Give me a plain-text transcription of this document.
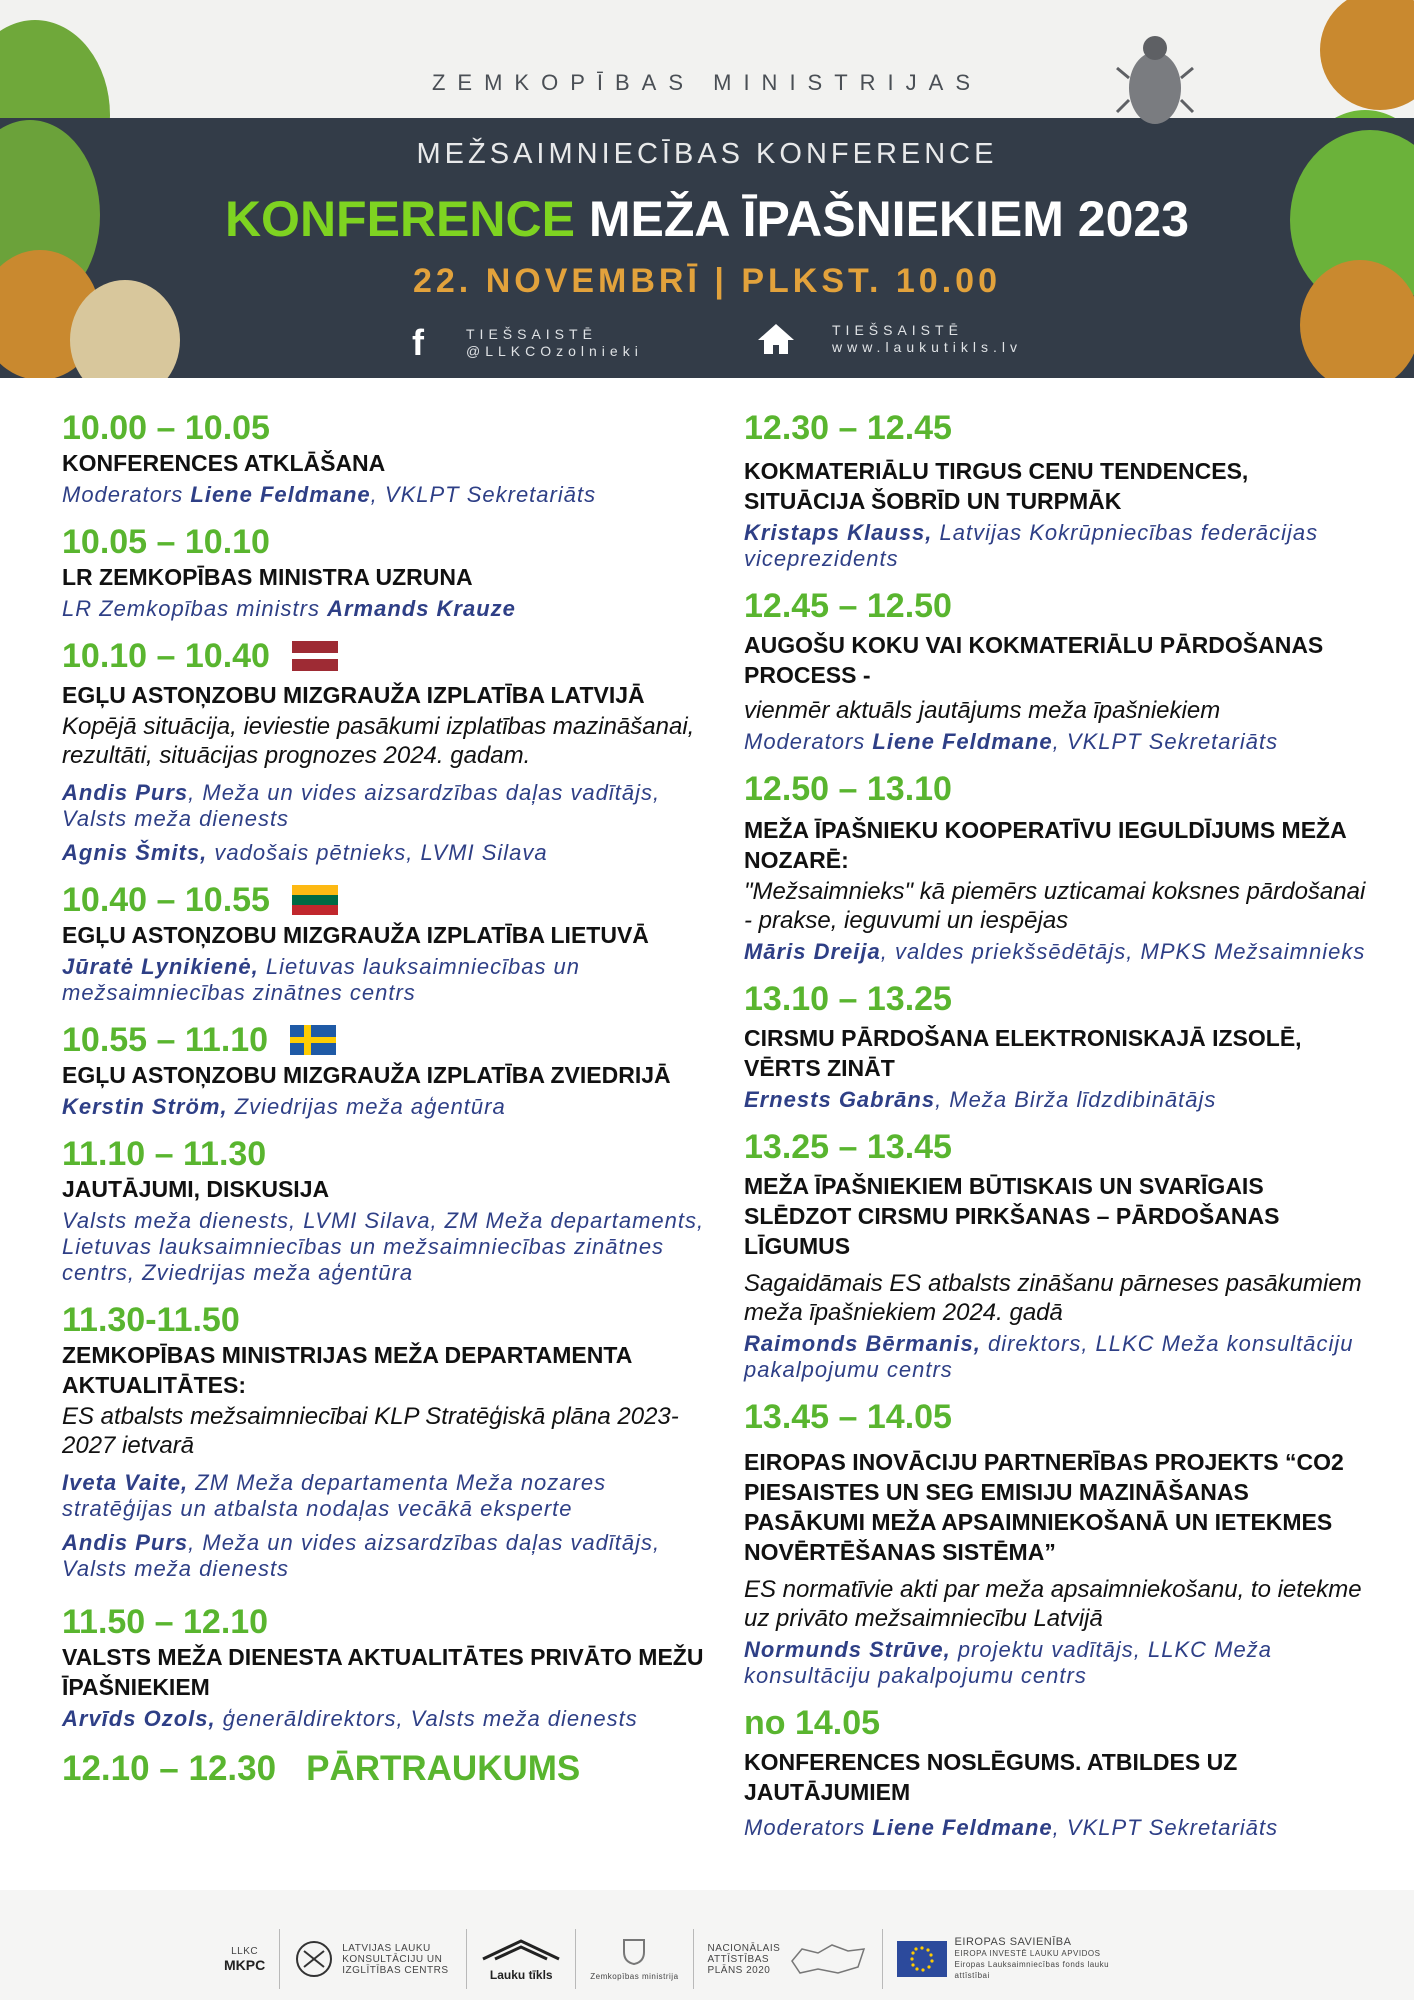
ZEMKOPĪBAS MINISTRIJAS
MEŽSAIMNIECĪBAS KONFERENCE
KONFERENCE MEŽA ĪPAŠNIEKIEM 2023
22. NOVEMBRĪ | PLKST. 10.00
f	TIEŠSAISTĒ
@LLKCOzolnieki
TIEŠSAISTĒ
www.laukutikls.lv
10.00 – 10.05
KONFERENCES ATKLĀŠANA
Moderators Liene Feldmane, VKLPT Sekretariāts
10.05 – 10.10
LR ZEMKOPĪBAS MINISTRA UZRUNA
LR Zemkopības ministrs Armands Krauze
10.10 – 10.40
EGĻU ASTOŅZOBU MIZGRAUŽA IZPLATĪBA LATVIJĀ
Kopējā situācija, ieviestie pasākumi izplatības mazināšanai, rezultāti, situācijas prognozes 2024. gadam.
Andis Purs, Meža un vides aizsardzības daļas vadītājs, Valsts meža dienests
Agnis Šmits, vadošais pētnieks, LVMI Silava
10.40 – 10.55
EGĻU ASTOŅZOBU MIZGRAUŽA IZPLATĪBA LIETUVĀ
Jūratė Lynikienė, Lietuvas lauksaimniecības un mežsaimniecības zinātnes centrs
10.55 – 11.10
EGĻU ASTOŅZOBU MIZGRAUŽA IZPLATĪBA ZVIEDRIJĀ
Kerstin Ström, Zviedrijas meža aģentūra
11.10 – 11.30
JAUTĀJUMI, DISKUSIJA
Valsts meža dienests, LVMI Silava, ZM Meža departaments, Lietuvas lauksaimniecības un mežsaimniecības zinātnes centrs, Zviedrijas meža aģentūra
11.30-11.50
ZEMKOPĪBAS MINISTRIJAS MEŽA DEPARTAMENTA AKTUALITĀTES:
ES atbalsts mežsaimniecībai KLP Stratēģiskā plāna 2023-2027 ietvarā
Iveta Vaite, ZM Meža departamenta Meža nozares stratēģijas un atbalsta nodaļas vecākā eksperte
Andis Purs, Meža un vides aizsardzības daļas vadītājs, Valsts meža dienests
11.50 – 12.10
VALSTS MEŽA DIENESTA AKTUALITĀTES PRIVĀTO MEŽU ĪPAŠNIEKIEM
Arvīds Ozols, ģenerāldirektors, Valsts meža dienests
12.10 – 12.30 PĀRTRAUKUMS
12.30 – 12.45
KOKMATERIĀLU TIRGUS CENU TENDENCES, SITUĀCIJA ŠOBRĪD UN TURPMĀK
Kristaps Klauss, Latvijas Kokrūpniecības federācijas viceprezidents
12.45 – 12.50
AUGOŠU KOKU VAI KOKMATERIĀLU PĀRDOŠANAS PROCESS -
vienmēr aktuāls jautājums meža īpašniekiem
Moderators Liene Feldmane, VKLPT Sekretariāts
12.50 – 13.10
MEŽA ĪPAŠNIEKU KOOPERATĪVU IEGULDĪJUMS MEŽA NOZARĒ:
"Mežsaimnieks" kā piemērs uzticamai koksnes pārdošanai - prakse, ieguvumi un iespējas
Māris Dreija, valdes priekšsēdētājs, MPKS Mežsaimnieks
13.10 – 13.25
CIRSMU PĀRDOŠANA ELEKTRONISKAJĀ IZSOLĒ, VĒRTS ZINĀT
Ernests Gabrāns, Meža Birža līdzdibinātājs
13.25 – 13.45
MEŽA ĪPAŠNIEKIEM BŪTISKAIS UN SVARĪGAIS SLĒDZOT CIRSMU PIRKŠANAS – PĀRDOŠANAS LĪGUMUS
Sagaidāmais ES atbalsts zināšanu pārneses pasākumiem meža īpašniekiem 2024. gadā
Raimonds Bērmanis, direktors, LLKC Meža konsultāciju pakalpojumu centrs
13.45 – 14.05
EIROPAS INOVĀCIJU PARTNERĪBAS PROJEKTS “CO2 PIESAISTES UN SEG EMISIJU MAZINĀŠANAS PASĀKUMI MEŽA APSAIMNIEKOŠANĀ UN IETEKMES NOVĒRTĒŠANAS SISTĒMA”
ES normatīvie akti par meža apsaimniekošanu, to ietekme uz privāto mežsaimniecību Latvijā
Normunds Strūve, projektu vadītājs, LLKC Meža konsultāciju pakalpojumu centrs
no 14.05
KONFERENCES NOSLĒGUMS. ATBILDES UZ JAUTĀJUMIEM
Moderators Liene Feldmane, VKLPT Sekretariāts
LLKC
MKPC
LATVIJAS LAUKU KONSULTĀCIJU UN IZGLĪTĪBAS CENTRS	Lauku tīkls	Zemkopības ministrija
NACIONĀLAIS ATTĪSTĪBAS PLĀNS 2020
EIROPAS SAVIENĪBA
EIROPA INVESTĒ LAUKU APVIDOS
Eiropas Lauksaimniecības fonds lauku attīstībai
